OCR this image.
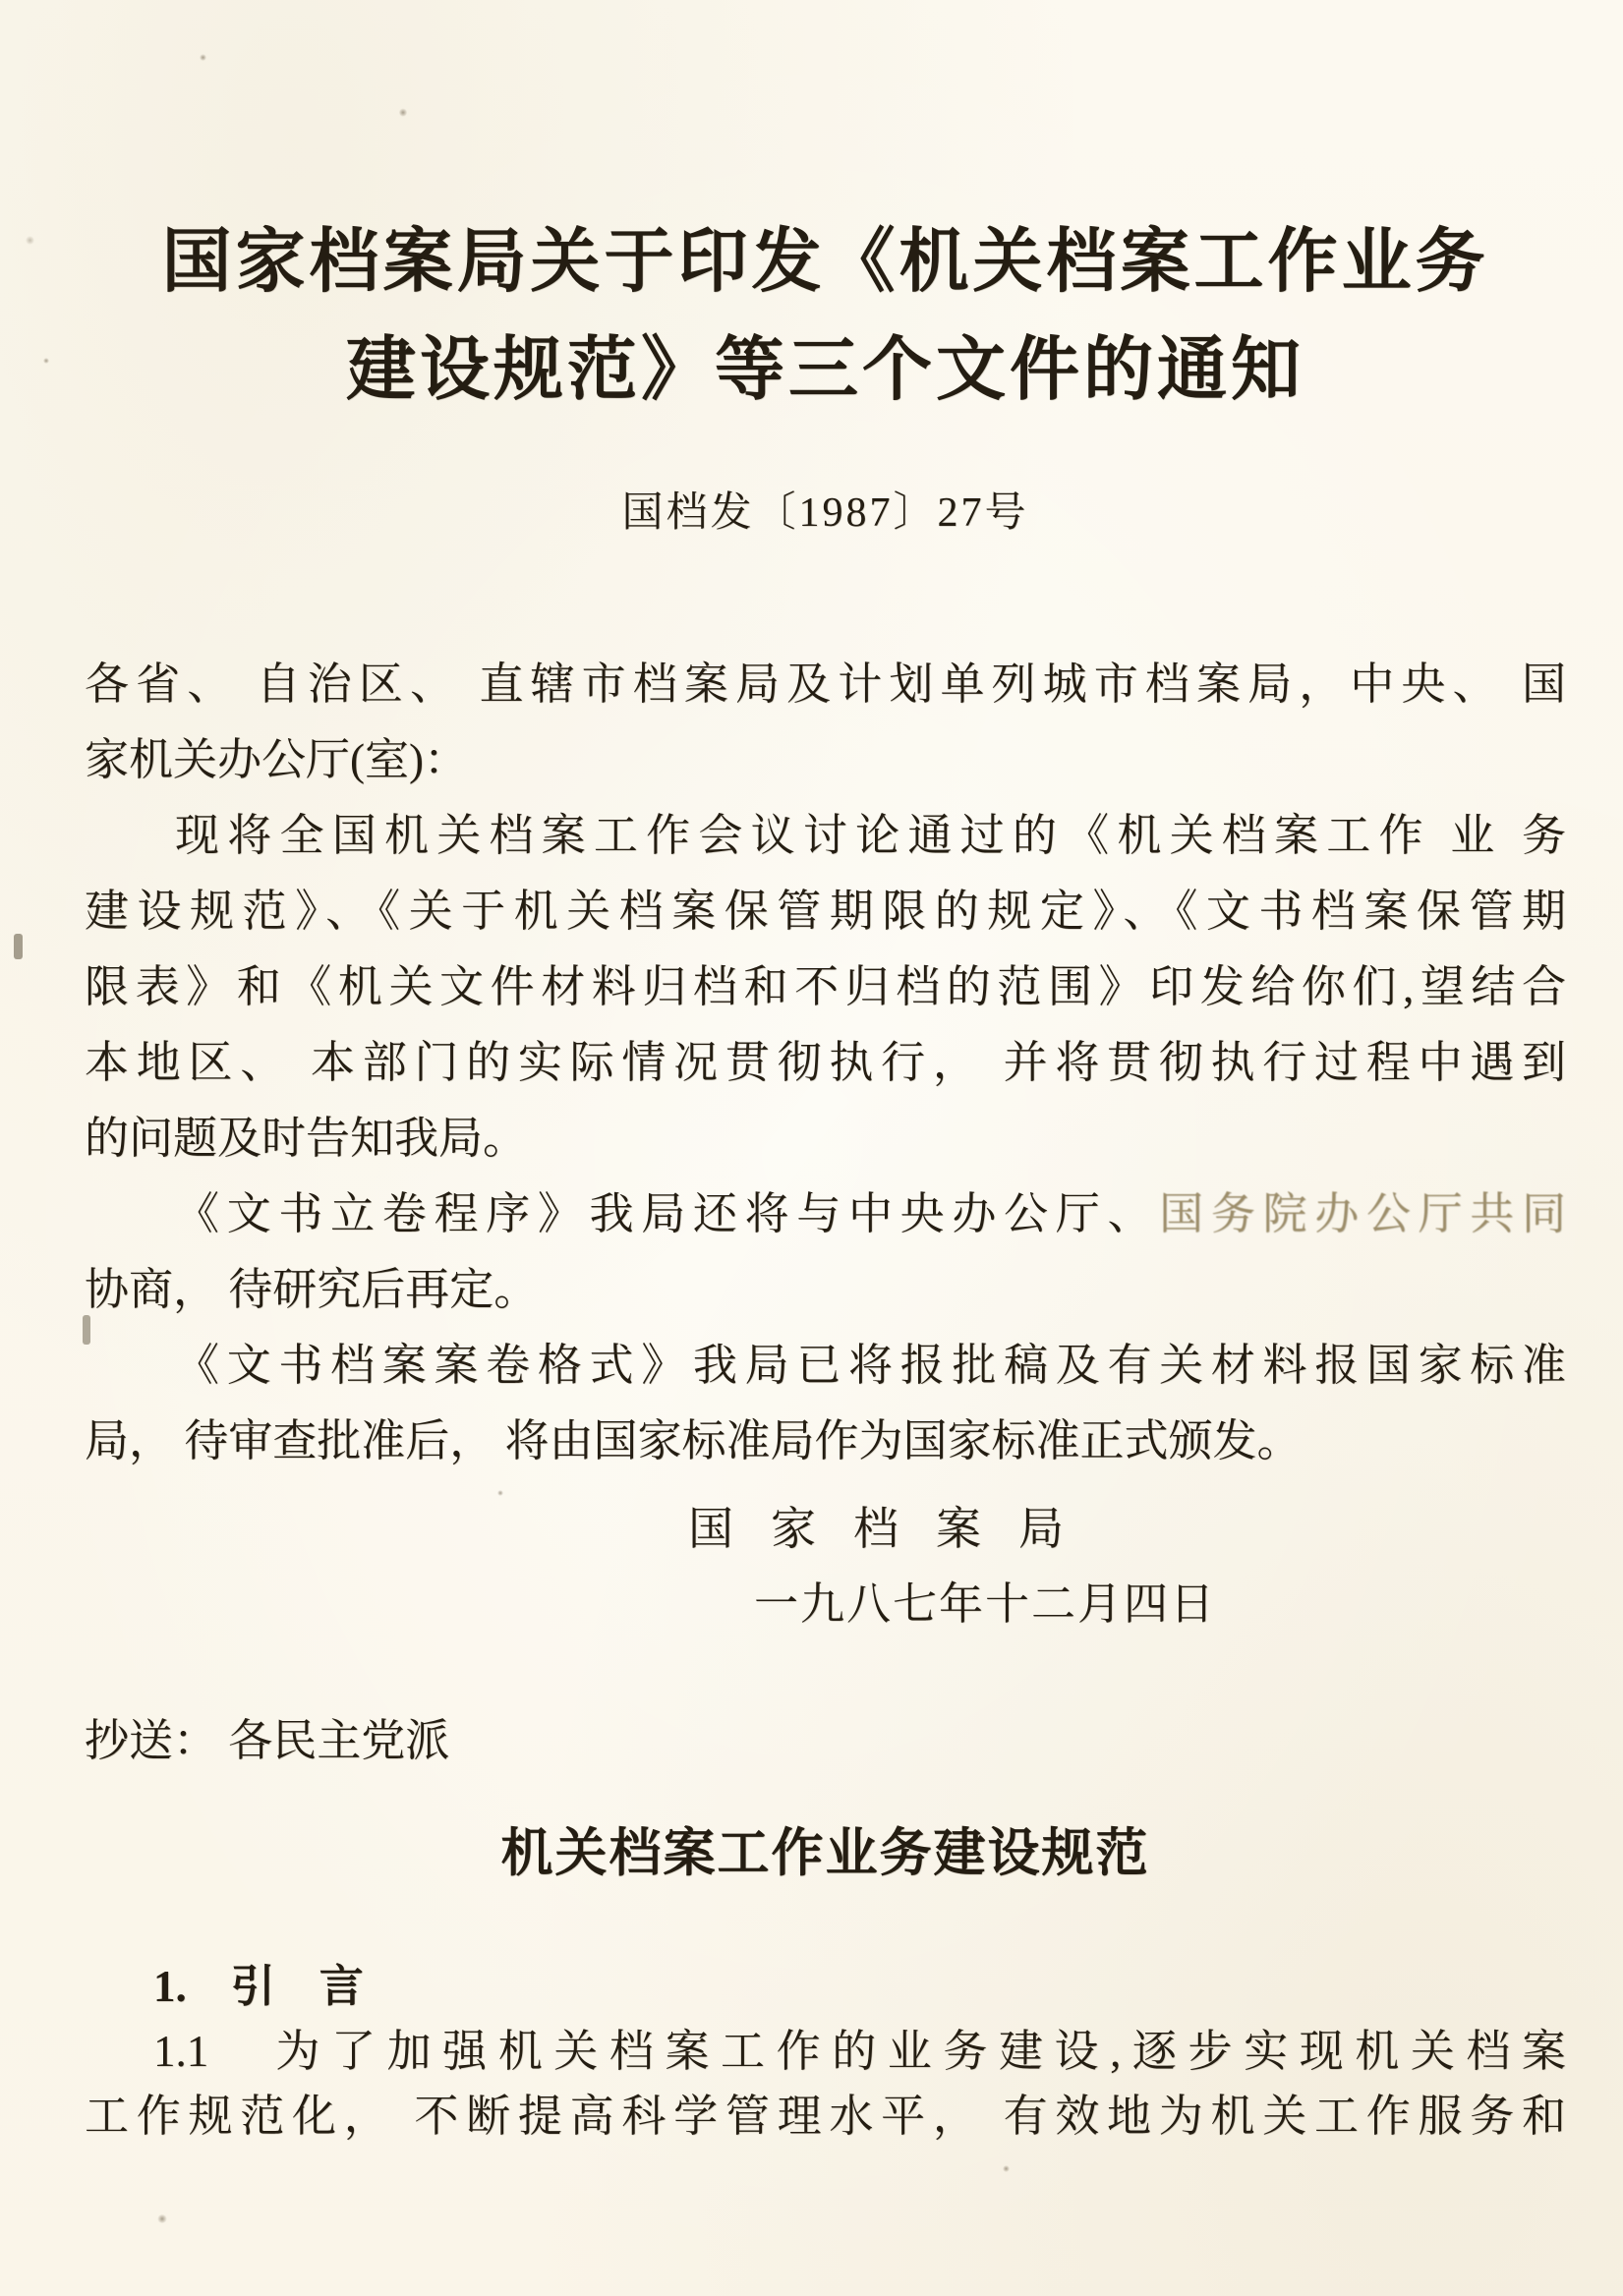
国家档案局关于印发《机关档案工作业务
建设规范》等三个文件的通知
国档发〔1987〕27号
各省、 自治区、 直辖市档案局及计划单列城市档案局，中央、 国
家机关办公厅(室)：
现将全国机关档案工作会议讨论通过的《机关档案工作 业 务
建设规范》、《关于机关档案保管期限的规定》、《文书档案保管期
限表》和《机关文件材料归档和不归档的范围》印发给你们,望结合
本地区、 本部门的实际情况贯彻执行， 并将贯彻执行过程中遇到
的问题及时告知我局。
《文书立卷程序》我局还将与中央办公厅、国务院办公厅共同
协商， 待研究后再定。
《文书档案案卷格式》我局已将报批稿及有关材料报国家标准
局， 待审查批准后， 将由国家标准局作为国家标准正式颁发。
国家档案局
一九八七年十二月四日
抄送： 各民主党派
机关档案工作业务建设规范
1.　引　言
1.1　为了加强机关档案工作的业务建设,逐步实现机关档案
工作规范化， 不断提高科学管理水平， 有效地为机关工作服务和
